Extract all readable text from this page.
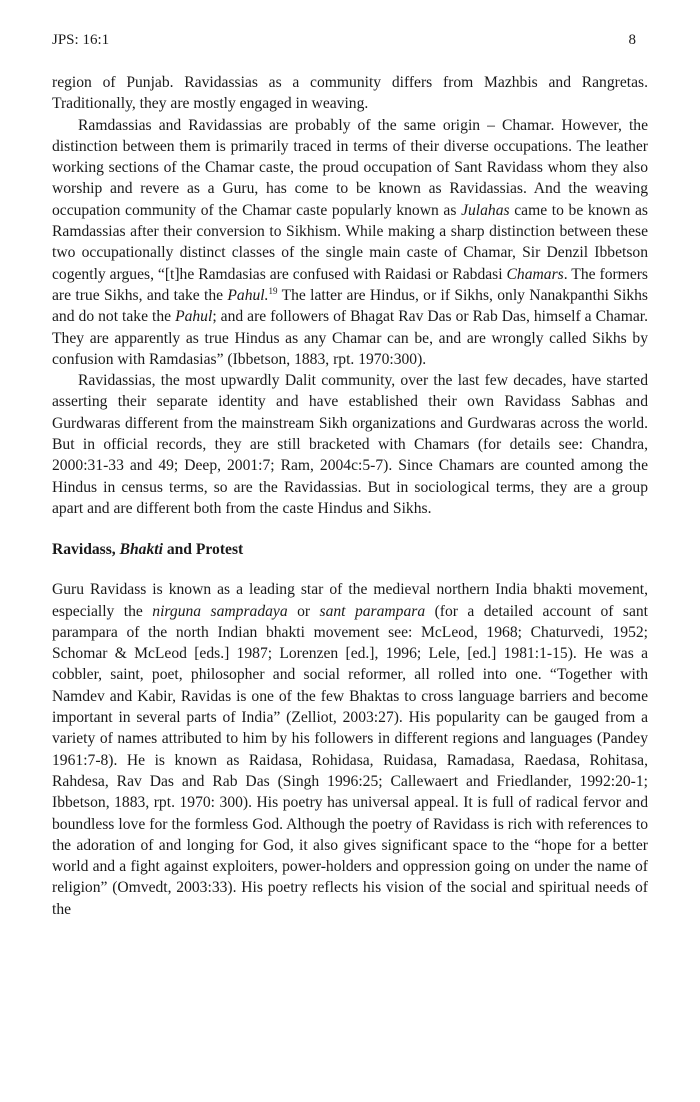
JPS: 16:1	8

region of Punjab. Ravidassias as a community differs from Mazhbis and Rangretas. Traditionally, they are mostly engaged in weaving.

Ramdassias and Ravidassias are probably of the same origin – Chamar. However, the distinction between them is primarily traced in terms of their diverse occupations. The leather working sections of the Chamar caste, the proud occupation of Sant Ravidass whom they also worship and revere as a Guru, has come to be known as Ravidassias. And the weaving occupation community of the Chamar caste popularly known as Julahas came to be known as Ramdassias after their conversion to Sikhism. While making a sharp distinction between these two occupationally distinct classes of the single main caste of Chamar, Sir Denzil Ibbetson cogently argues, “[t]he Ramdasias are confused with Raidasi or Rabdasi Chamars. The formers are true Sikhs, and take the Pahul.$^{19}$ The latter are Hindus, or if Sikhs, only Nanakpanthi Sikhs and do not take the Pahul; and are followers of Bhagat Rav Das or Rab Das, himself a Chamar. They are apparently as true Hindus as any Chamar can be, and are wrongly called Sikhs by confusion with Ramdasias” (Ibbetson, 1883, rpt. 1970:300).

Ravidassias, the most upwardly Dalit community, over the last few decades, have started asserting their separate identity and have established their own Ravidass Sabhas and Gurdwaras different from the mainstream Sikh organizations and Gurdwaras across the world. But in official records, they are still bracketed with Chamars (for details see: Chandra, 2000:31-33 and 49; Deep, 2001:7; Ram, 2004c:5-7). Since Chamars are counted among the Hindus in census terms, so are the Ravidassias. But in sociological terms, they are a group apart and are different both from the caste Hindus and Sikhs.

Ravidass, Bhakti and Protest

Guru Ravidass is known as a leading star of the medieval northern India bhakti movement, especially the nirguna sampradaya or sant parampara (for a detailed account of sant parampara of the north Indian bhakti movement see: McLeod, 1968; Chaturvedi, 1952; Schomar & McLeod [eds.] 1987; Lorenzen [ed.], 1996; Lele, [ed.] 1981:1-15). He was a cobbler, saint, poet, philosopher and social reformer, all rolled into one. “Together with Namdev and Kabir, Ravidas is one of the few Bhaktas to cross language barriers and become important in several parts of India” (Zelliot, 2003:27). His popularity can be gauged from a variety of names attributed to him by his followers in different regions and languages (Pandey 1961:7-8). He is known as Raidasa, Rohidasa, Ruidasa, Ramadasa, Raedasa, Rohitasa, Rahdesa, Rav Das and Rab Das (Singh 1996:25; Callewaert and Friedlander, 1992:20-1; Ibbetson, 1883, rpt. 1970: 300). His poetry has universal appeal. It is full of radical fervor and boundless love for the formless God. Although the poetry of Ravidass is rich with references to the adoration of and longing for God, it also gives significant space to the “hope for a better world and a fight against exploiters, power-holders and oppression going on under the name of religion” (Omvedt, 2003:33). His poetry reflects his vision of the social and spiritual needs of the
